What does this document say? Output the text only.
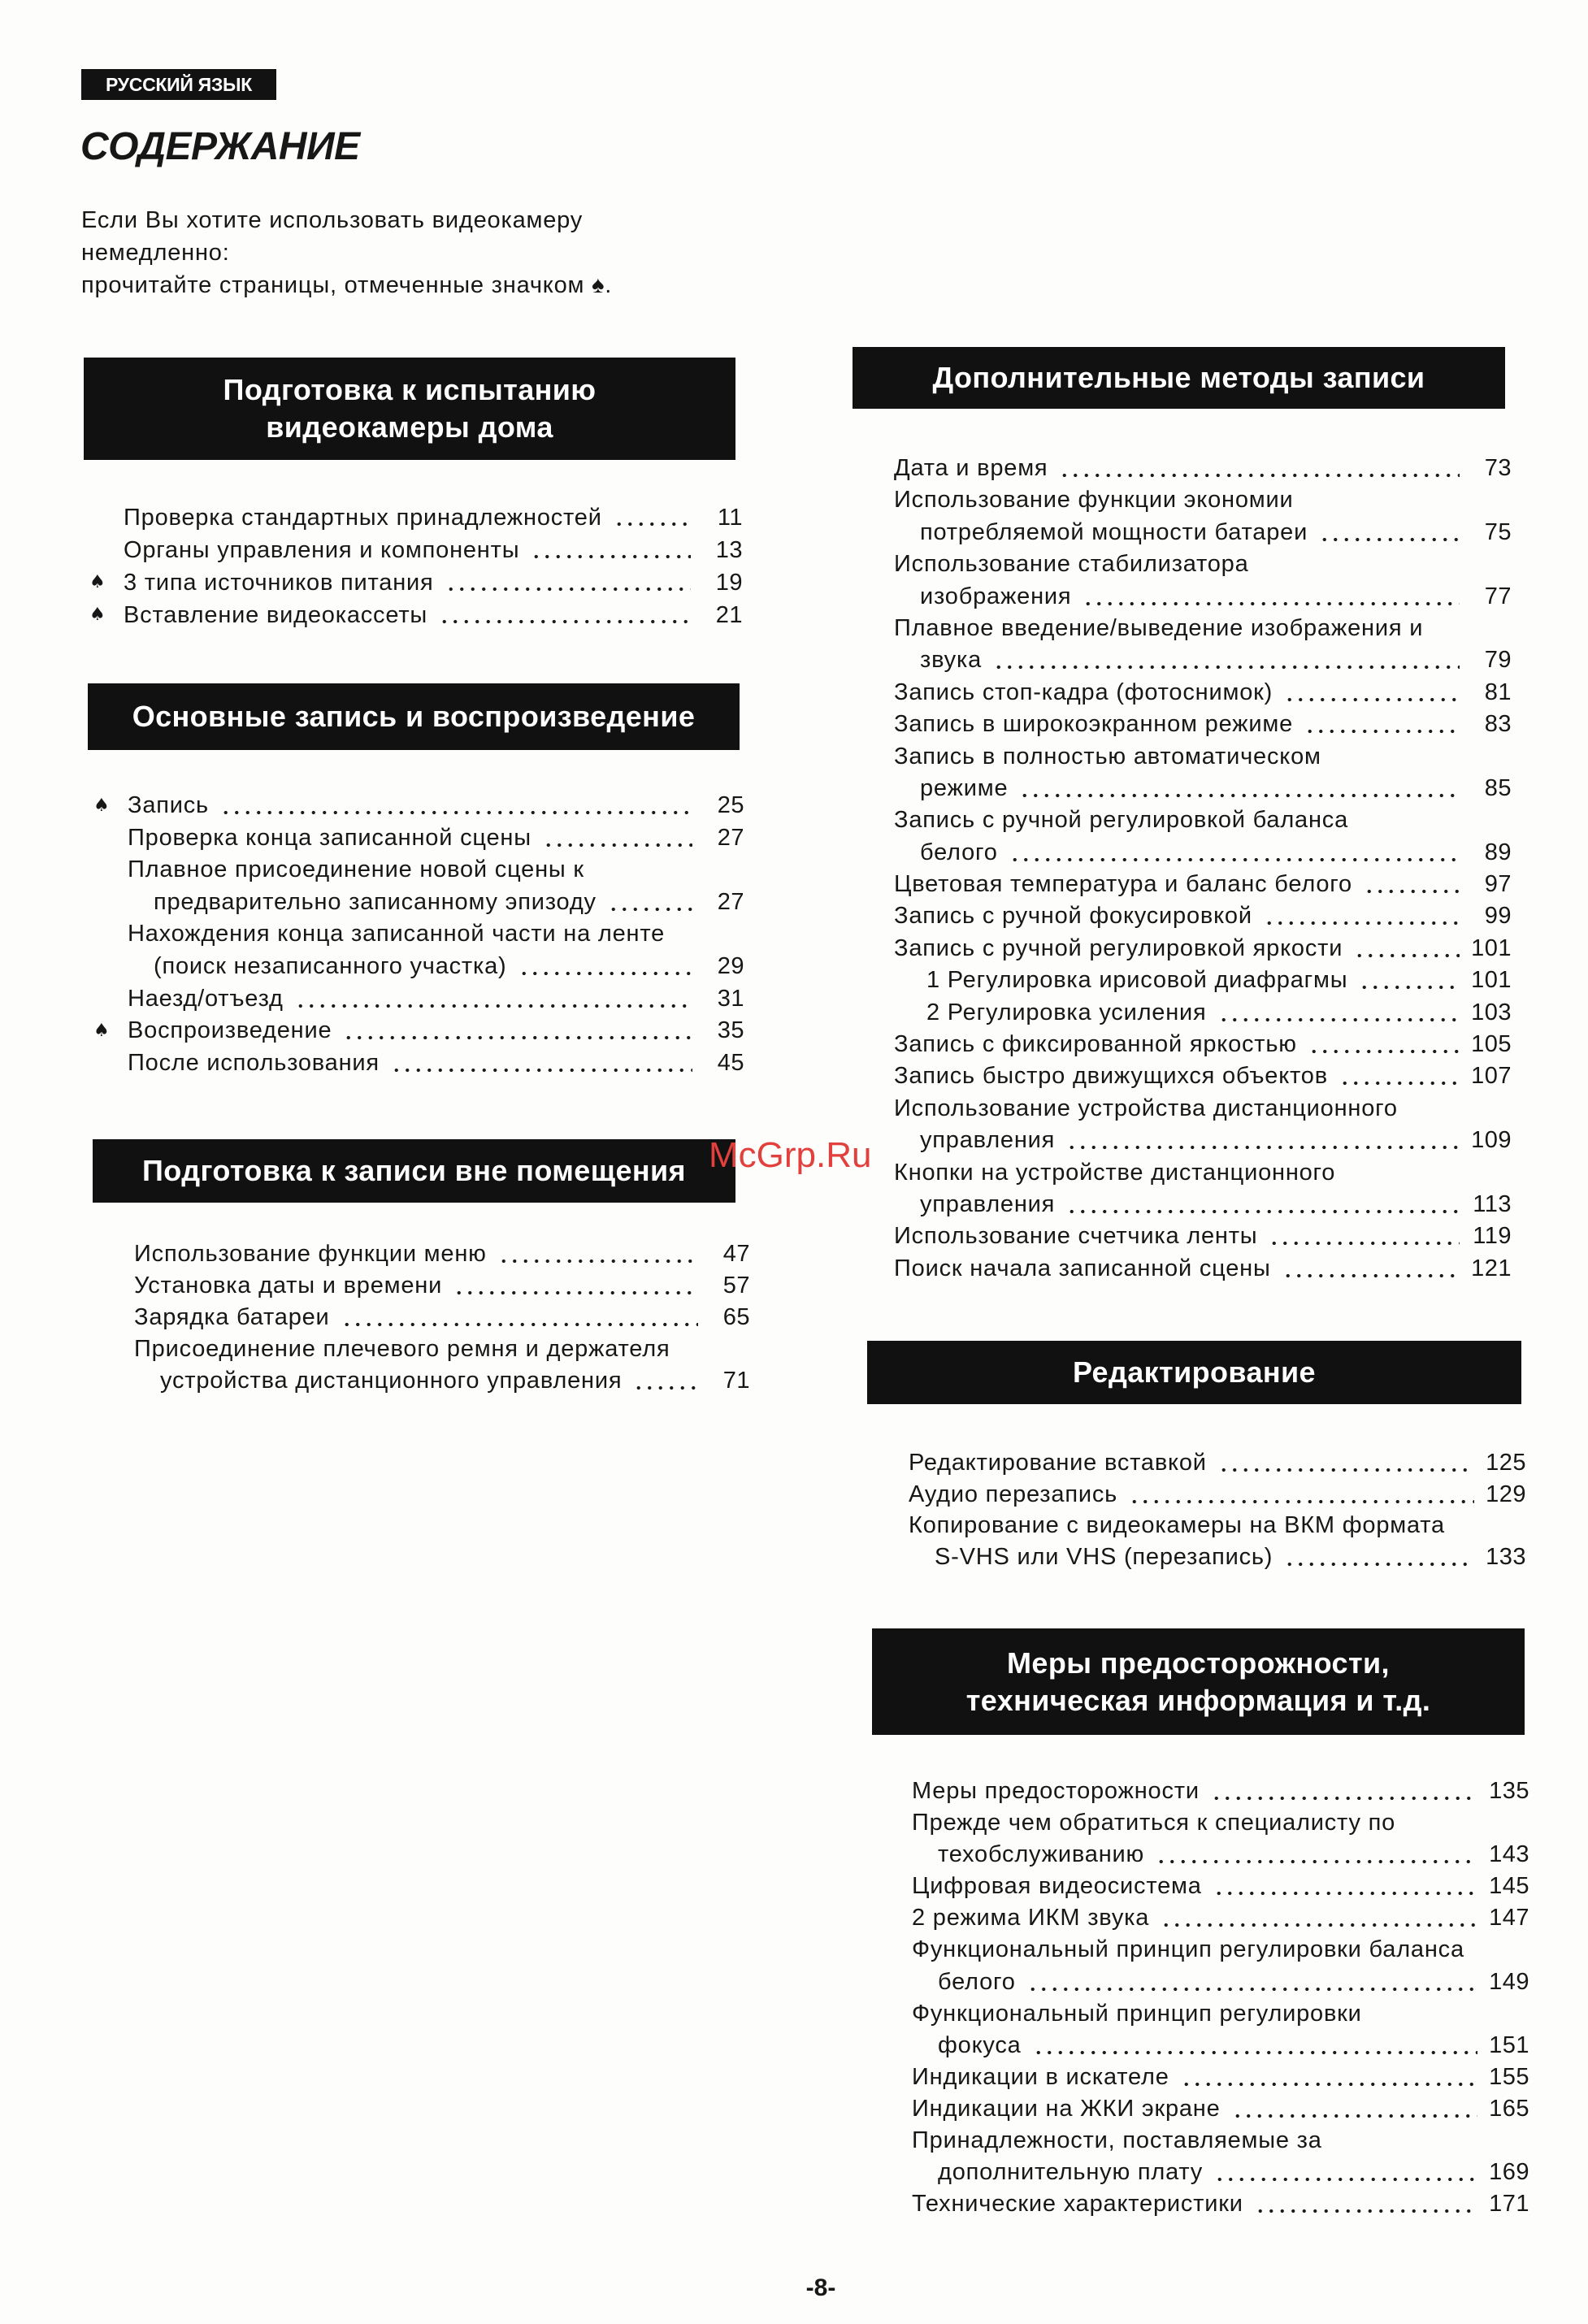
РУССКИЙ ЯЗЫК
СОДЕРЖАНИЕ
Если Вы хотите использовать видеокамеру
немедленно:
прочитайте страницы, отмеченные значком ♠.
Подготовка к испытанию
видеокамеры дома
Проверка стандартных принадлежностей	11
Органы управления и компоненты	13
♠ 3 типа источников питания	19
♠ Вставление видеокассеты	21
Основные запись и воспроизведение
♠ Запись	25
Проверка конца записанной сцены	27
Плавное присоединение новой сцены к
предварительно записанному эпизоду	27
Нахождения конца записанной части на ленте
(поиск незаписанного участка)	29
Наезд/отъезд	31
♠ Воспроизведение	35
После использования	45
Подготовка к записи вне помещения
Использование функции меню	47
Установка даты и времени	57
Зарядка батареи	65
Присоединение плечевого ремня и держателя
устройства дистанционного управления	71
Дополнительные методы записи
Дата и время	73
Использование функции экономии
потребляемой мощности батареи	75
Использование стабилизатора
изображения	77
Плавное введение/выведение изображения и
звука	79
Запись стоп-кадра (фотоснимок)	81
Запись в широкоэкранном режиме	83
Запись в полностью автоматическом
режиме	85
Запись с ручной регулировкой баланса
белого	89
Цветовая температура и баланс белого	97
Запись с ручной фокусировкой	99
Запись с ручной регулировкой яркости	101
1 Регулировка ирисовой диафрагмы	101
2 Регулировка усиления	103
Запись с фиксированной яркостью	105
Запись быстро движущихся объектов	107
Использование устройства дистанционного
управления	109
Кнопки на устройстве дистанционного
управления	113
Использование счетчика ленты	119
Поиск начала записанной сцены	121
Редактирование
Редактирование вставкой	125
Аудио перезапись	129
Копирование с видеокамеры на ВКМ формата
S-VHS или VHS (перезапись)	133
Меры предосторожности,
техническая информация и т.д.
Меры предосторожности	135
Прежде чем обратиться к специалисту по
техобслуживанию	143
Цифровая видеосистема	145
2 режима ИКМ звука	147
Функциональный принцип регулировки баланса
белого	149
Функциональный принцип регулировки
фокуса	151
Индикации в искателе	155
Индикации на ЖКИ экране	165
Принадлежности, поставляемые за
дополнительную плату	169
Технические характеристики	171
McGrp.Ru
-8-
